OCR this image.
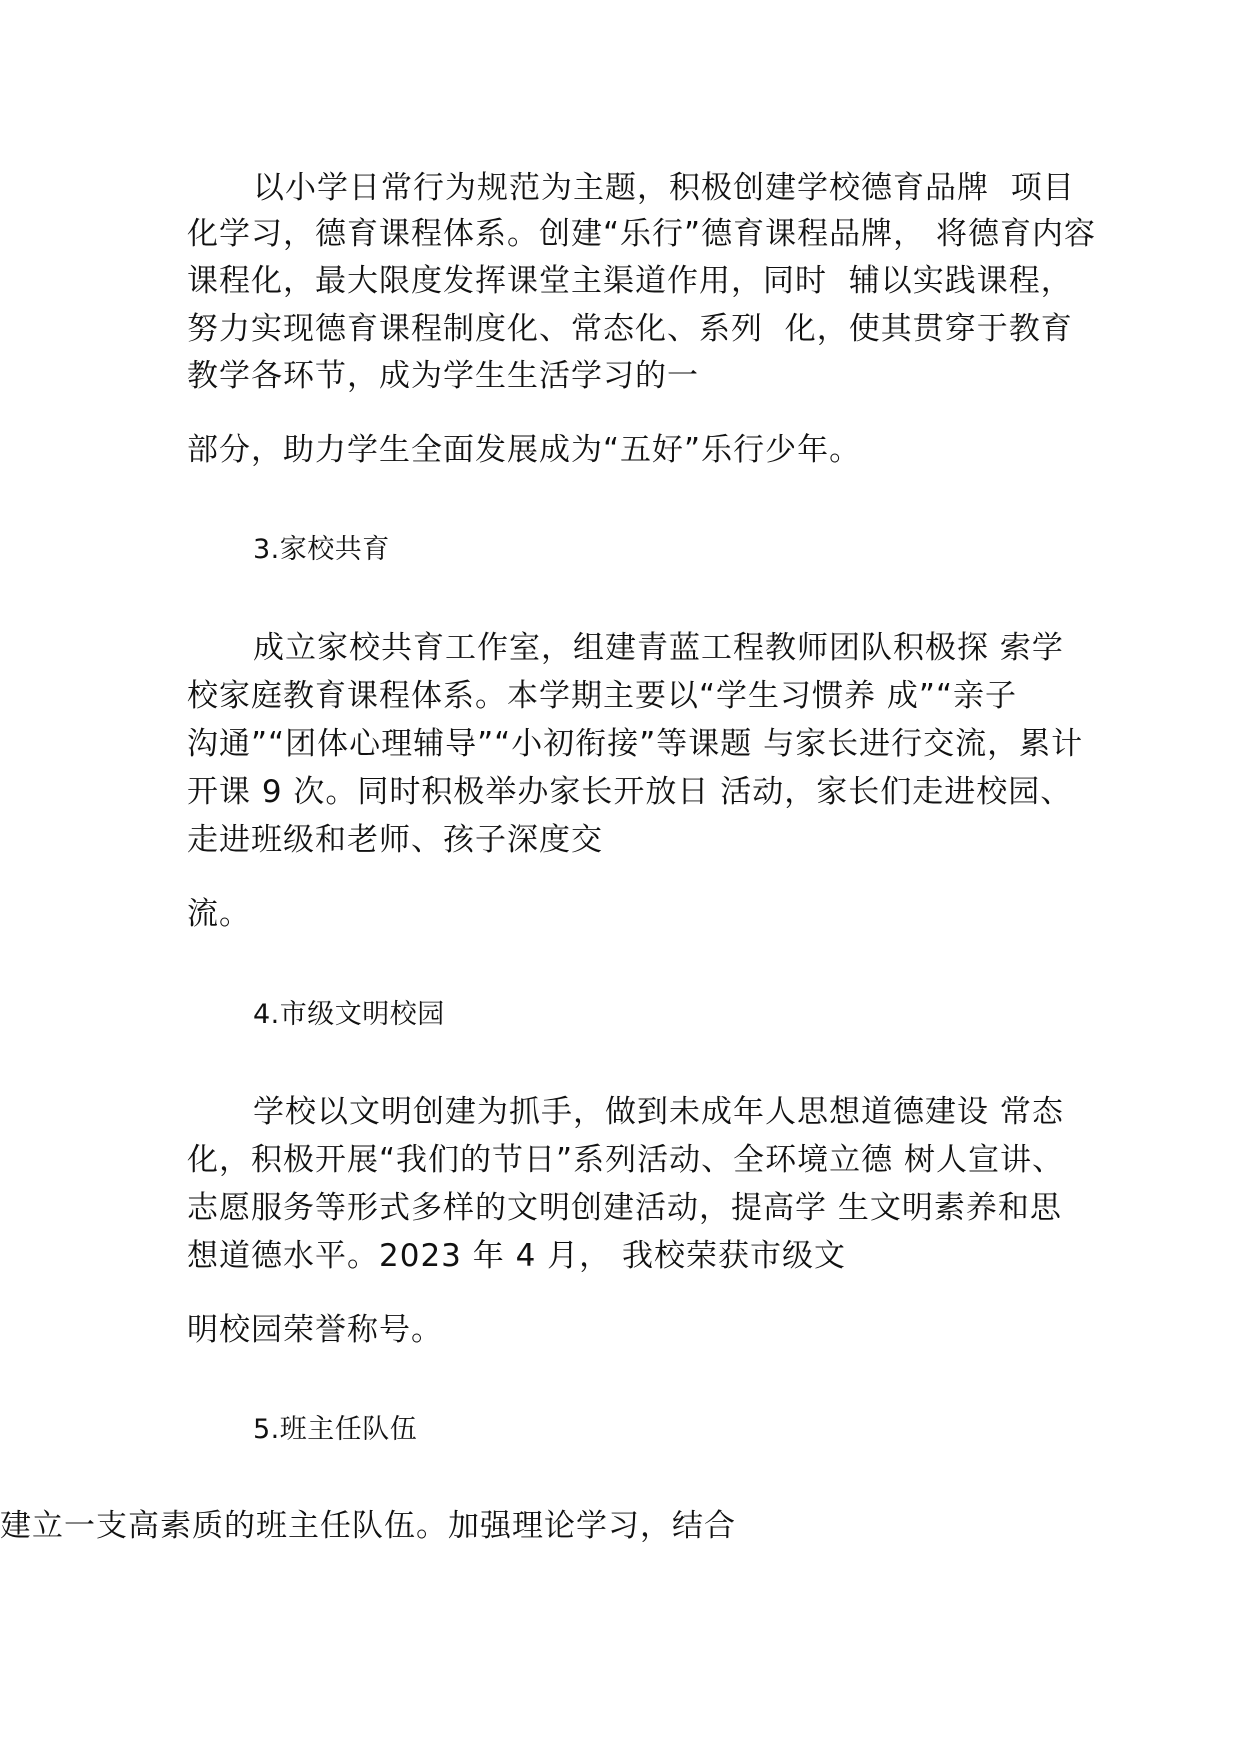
以小学日常行为规范为主题，积极创建学校德育品牌  项目
化学习，德育课程体系。创建“乐行”德育课程品牌， 将德育内容
课程化，最大限度发挥课堂主渠道作用，同时  辅以实践课程，
努力实现德育课程制度化、常态化、系列  化，使其贯穿于教育
教学各环节，成为学生生活学习的一
部分，助力学生全面发展成为“五好”乐行少年。
3.家校共育
成立家校共育工作室，组建青蓝工程教师团队积极探 索学
校家庭教育课程体系。本学期主要以“学生习惯养 成”“亲子
沟通”“团体心理辅导”“小初衔接”等课题 与家长进行交流，累计
开课 9 次。同时积极举办家长开放日 活动，家长们走进校园、
走进班级和老师、孩子深度交
流。
4.市级文明校园
学校以文明创建为抓手，做到未成年人思想道德建设 常态
化，积极开展“我们的节日”系列活动、全环境立德 树人宣讲、
志愿服务等形式多样的文明创建活动，提高学 生文明素养和思
想道德水平。2023 年 4 月， 我校荣获市级文
明校园荣誉称号。
5.班主任队伍
建立一支高素质的班主任队伍。加强理论学习，结合
